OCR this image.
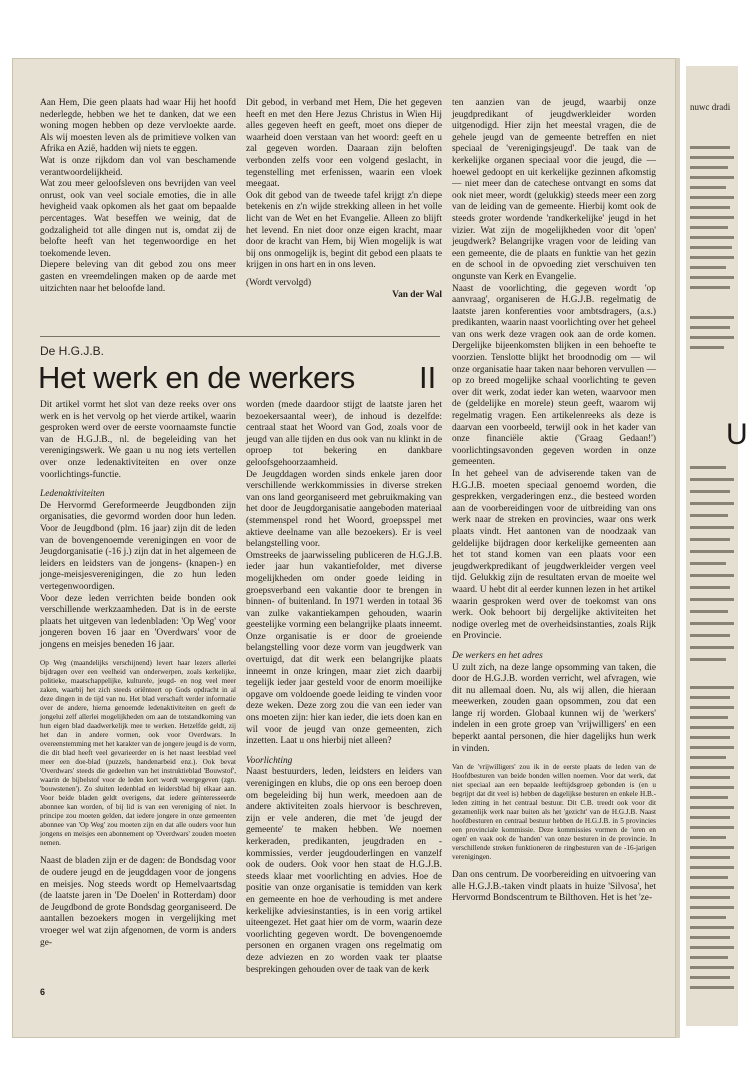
nuwc dradi
U

Aan Hem, Die geen plaats had waar Hij het hoofd nederlegde, hebben we het te danken, dat we een woning mogen hebben op deze vervloekte aarde. Als wij moesten leven als de primitieve volken van Afrika en Azië, hadden wij niets te eggen.

Wat is onze rijkdom dan vol van beschamende verantwoordelijkheid.

Wat zou meer geloofsleven ons bevrijden van veel onrust, ook van veel sociale emoties, die in alle hevigheid vaak opkomen als het gaat om bepaalde percentages. Wat beseffen we weinig, dat de godzaligheid tot alle dingen nut is, omdat zij de belofte heeft van het tegenwoordige en het toekomende leven.

Diepere beleving van dit gebod zou ons meer gasten en vreemdelingen maken op de aarde met uitzichten naar het beloofde land.

Dit gebod, in verband met Hem, Die het gegeven heeft en met den Here Jezus Christus in Wien Hij alles gegeven heeft en geeft, moet ons dieper de waarheid doen verstaan van het woord: geeft en u zal gegeven worden. Daaraan zijn beloften verbonden zelfs voor een volgend geslacht, in tegenstelling met erfenissen, waarin een vloek meegaat.

Ook dit gebod van de tweede tafel krijgt z'n diepe betekenis en z'n wijde strekking alleen in het volle licht van de Wet en het Evangelie. Alleen zo blijft het levend. En niet door onze eigen kracht, maar door de kracht van Hem, bij Wien mogelijk is wat bij ons onmogelijk is, begint dit gebod een plaats te krijgen in ons hart en in ons leven.

(Wordt vervolgd)

Van der Wal

De H.G.J.B.
Het werk en de werkers	II

Dit artikel vormt het slot van deze reeks over ons werk en is het vervolg op het vierde artikel, waarin gesproken werd over de eerste voornaamste functie van de H.G.J.B., nl. de begeleiding van het verenigingswerk. We gaan u nu nog iets vertellen over onze ledenaktiviteiten en over onze voorlichtings-functie.

Ledenaktiviteiten

De Hervormd Gereformeerde Jeugdbonden zijn organisaties, die gevormd worden door hun leden. Voor de Jeugdbond (plm. 16 jaar) zijn dit de leden van de bovengenoemde verenigingen en voor de Jeugdorganisatie (-16 j.) zijn dat in het algemeen de leiders en leidsters van de jongens- (knapen-) en jonge-meisjesverenigingen, die zo hun leden vertegenwoordigen.

Voor deze leden verrichten beide bonden ook verschillende werkzaamheden. Dat is in de eerste plaats het uitgeven van ledenbladen: 'Op Weg' voor jongeren boven 16 jaar en 'Overdwars' voor de jongens en meisjes beneden 16 jaar.

Op Weg (maandelijks verschijnend) levert haar lezers allerlei bijdragen over een veelheid van onderwerpen, zoals kerkelijke, politieke, maatschappelijke, kulturele, jeugd- en nog veel meer zaken, waarbij het zich steeds oriënteert op Gods opdracht in al deze dingen in de tijd van nu. Het blad verschaft verder informatie over de andere, hierna genoemde ledenaktiviteiten en geeft de jongelui zelf allerlei mogelijkheden om aan de totstandkoming van hun eigen blad daadwerkelijk mee te werken. Hetzelfde geldt, zij het dan in andere vormen, ook voor Overdwars. In overeenstemming met het karakter van de jongere jeugd is de vorm, die dit blad heeft veel gevarieerder en is het naast leesblad veel meer een doe-blad (puzzels, handenarbeid enz.). Ook bevat 'Overdwars' steeds die gedeelten van het instruktieblad 'Bouwstof', waarin de bijbelstof voor de leden kort wordt weergegeven (zgn. 'bouwstenen'). Zo sluiten ledenblad en leidersblad bij elkaar aan. Voor beide bladen geldt overigens, dat iedere geïnteresseerde abonnee kan worden, of bij lid is van een vereniging of niet. In principe zou moeten gelden, dat iedere jongere in onze gemeenten abonnee van 'Op Weg' zou moeten zijn en dat alle ouders voor hun jongens en meisjes een abonnement op 'Overdwars' zouden moeten nemen.

Naast de bladen zijn er de dagen: de Bondsdag voor de oudere jeugd en de jeugddagen voor de jongens en meisjes. Nog steeds wordt op Hemelvaartsdag (de laatste jaren in 'De Doelen' in Rotterdam) door de Jeugdbond de grote Bondsdag georganiseerd. De aantallen bezoekers mogen in vergelijking met vroeger wel wat zijn afgenomen, de vorm is anders ge-

worden (mede daardoor stijgt de laatste jaren het bezoekersaantal weer), de inhoud is dezelfde: centraal staat het Woord van God, zoals voor de jeugd van alle tijden en dus ook van nu klinkt in de oproep tot bekering en dankbare geloofsgehoorzaamheid.

De Jeugddagen worden sinds enkele jaren door verschillende werkkommissies in diverse streken van ons land georganiseerd met gebruikmaking van het door de Jeugdorganisatie aangeboden materiaal (stemmenspel rond het Woord, groepsspel met aktieve deelname van alle bezoekers). Er is veel belangstelling voor.

Omstreeks de jaarwisseling publiceren de H.G.J.B. ieder jaar hun vakantiefolder, met diverse mogelijkheden om onder goede leiding in groepsverband een vakantie door te brengen in binnen- of buitenland. In 1971 werden in totaal 36 van zulke vakantiekampen gehouden, waarin geestelijke vorming een belangrijke plaats inneemt. Onze organisatie is er door de groeiende belangstelling voor deze vorm van jeugdwerk van overtuigd, dat dit werk een belangrijke plaats inneemt in onze kringen, maar ziet zich daarbij tegelijk ieder jaar gesteld voor de enorm moeilijke opgave om voldoende goede leiding te vinden voor deze weken. Deze zorg zou die van een ieder van ons moeten zijn: hier kan ieder, die iets doen kan en wil voor de jeugd van onze gemeenten, zich inzetten. Laat u ons hierbij niet alleen?

Voorlichting

Naast bestuurders, leden, leidsters en leiders van verenigingen en klubs, die op ons een beroep doen om begeleiding bij hun werk, meedoen aan de andere aktiviteiten zoals hiervoor is beschreven, zijn er vele anderen, die met 'de jeugd der gemeente' te maken hebben. We noemen kerkeraden, predikanten, jeugdraden en -kommissies, verder jeugdouderlingen en vanzelf ook de ouders. Ook voor hen staat de H.G.J.B. steeds klaar met voorlichting en advies. Hoe de positie van onze organisatie is temidden van kerk en gemeente en hoe de verhouding is met andere kerkelijke adviesinstanties, is in een vorig artikel uiteengezet. Het gaat hier om de vorm, waarin deze voorlichting gegeven wordt. De bovengenoemde personen en organen vragen ons regelmatig om deze adviezen en zo worden vaak ter plaatse besprekingen gehouden over de taak van de kerk

ten aanzien van de jeugd, waarbij onze jeugdpredikant of jeugdwerkleider worden uitgenodigd. Hier zijn het meestal vragen, die de gehele jeugd van de gemeente betreffen en niet speciaal de 'verenigingsjeugd'. De taak van de kerkelijke organen speciaal voor die jeugd, die — hoewel gedoopt en uit kerkelijke gezinnen afkomstig — niet meer dan de catechese ontvangt en soms dat ook niet meer, wordt (gelukkig) steeds meer een zorg van de leiding van de gemeente. Hierbij komt ook de steeds groter wordende 'randkerkelijke' jeugd in het vizier. Wat zijn de mogelijkheden voor dit 'open' jeugdwerk? Belangrijke vragen voor de leiding van een gemeente, die de plaats en funktie van het gezin en de school in de opvoeding ziet verschuiven ten ongunste van Kerk en Evangelie.

Naast de voorlichting, die gegeven wordt 'op aanvraag', organiseren de H.G.J.B. regelmatig de laatste jaren konferenties voor ambtsdragers, (a.s.) predikanten, waarin naast voorlichting over het geheel van ons werk deze vragen ook aan de orde komen. Dergelijke bijeenkomsten blijken in een behoefte te voorzien. Tenslotte blijkt het broodnodig om — wil onze organisatie haar taken naar behoren vervullen — op zo breed mogelijke schaal voorlichting te geven over dit werk, zodat ieder kan weten, waarvoor men de (geldelijke en morele) steun geeft, waarom wij regelmatig vragen. Een artikelenreeks als deze is daarvan een voorbeeld, terwijl ook in het kader van onze financiële aktie ('Graag Gedaan!') voorlichtingsavonden gegeven worden in onze gemeenten.

In het geheel van de adviserende taken van de H.G.J.B. moeten speciaal genoemd worden, die gesprekken, vergaderingen enz., die besteed worden aan de voorbereidingen voor de uitbreiding van ons werk naar de streken en provincies, waar ons werk plaats vindt. Het aantonen van de noodzaak van geldelijke bijdragen door kerkelijke gemeenten aan het tot stand komen van een plaats voor een jeugdwerkpredikant of jeugdwerkleider vergen veel tijd. Gelukkig zijn de resultaten ervan de moeite wel waard. U hebt dit al eerder kunnen lezen in het artikel waarin gesproken werd over de toekomst van ons werk. Ook behoort bij dergelijke aktiviteiten het nodige overleg met de overheidsinstanties, zoals Rijk en Provincie.

De werkers en het adres

U zult zich, na deze lange opsomming van taken, die door de H.G.J.B. worden verricht, wel afvragen, wie dit nu allemaal doen. Nu, als wij allen, die hieraan meewerken, zouden gaan opsommen, zou dat een lange rij worden. Globaal kunnen wij de 'werkers' indelen in een grote groep van 'vrijwilligers' en een beperkt aantal personen, die hier dagelijks hun werk in vinden.

Van de 'vrijwilligers' zou ik in de eerste plaats de leden van de Hoofdbesturen van beide bonden willen noemen. Voor dat werk, dat niet speciaal aan een bepaalde leeftijdsgroep gebonden is (en u begrijpt dat dit veel is) hebben de dagelijkse besturen en enkele H.B.-leden zitting in het centraal bestuur. Dit C.B. treedt ook voor dit gezamenlijk werk naar buiten als het 'gezicht' van de H.G.J.B. Naast hoofdbesturen en centraal bestuur hebben de H.G.J.B. in 5 provincies een provinciale kommissie. Deze kommissies vormen de 'oren en ogen' en vaak ook de 'handen' van onze besturen in de provincie. In verschillende streken funktioneren de ringbesturen van de -16-jarigen verenigingen.

Dan ons centrum. De voorbereiding en uitvoering van alle H.G.J.B.-taken vindt plaats in huize 'Silvosa', het Hervormd Bondscentrum te Bilthoven. Het is het 'ze-

6
